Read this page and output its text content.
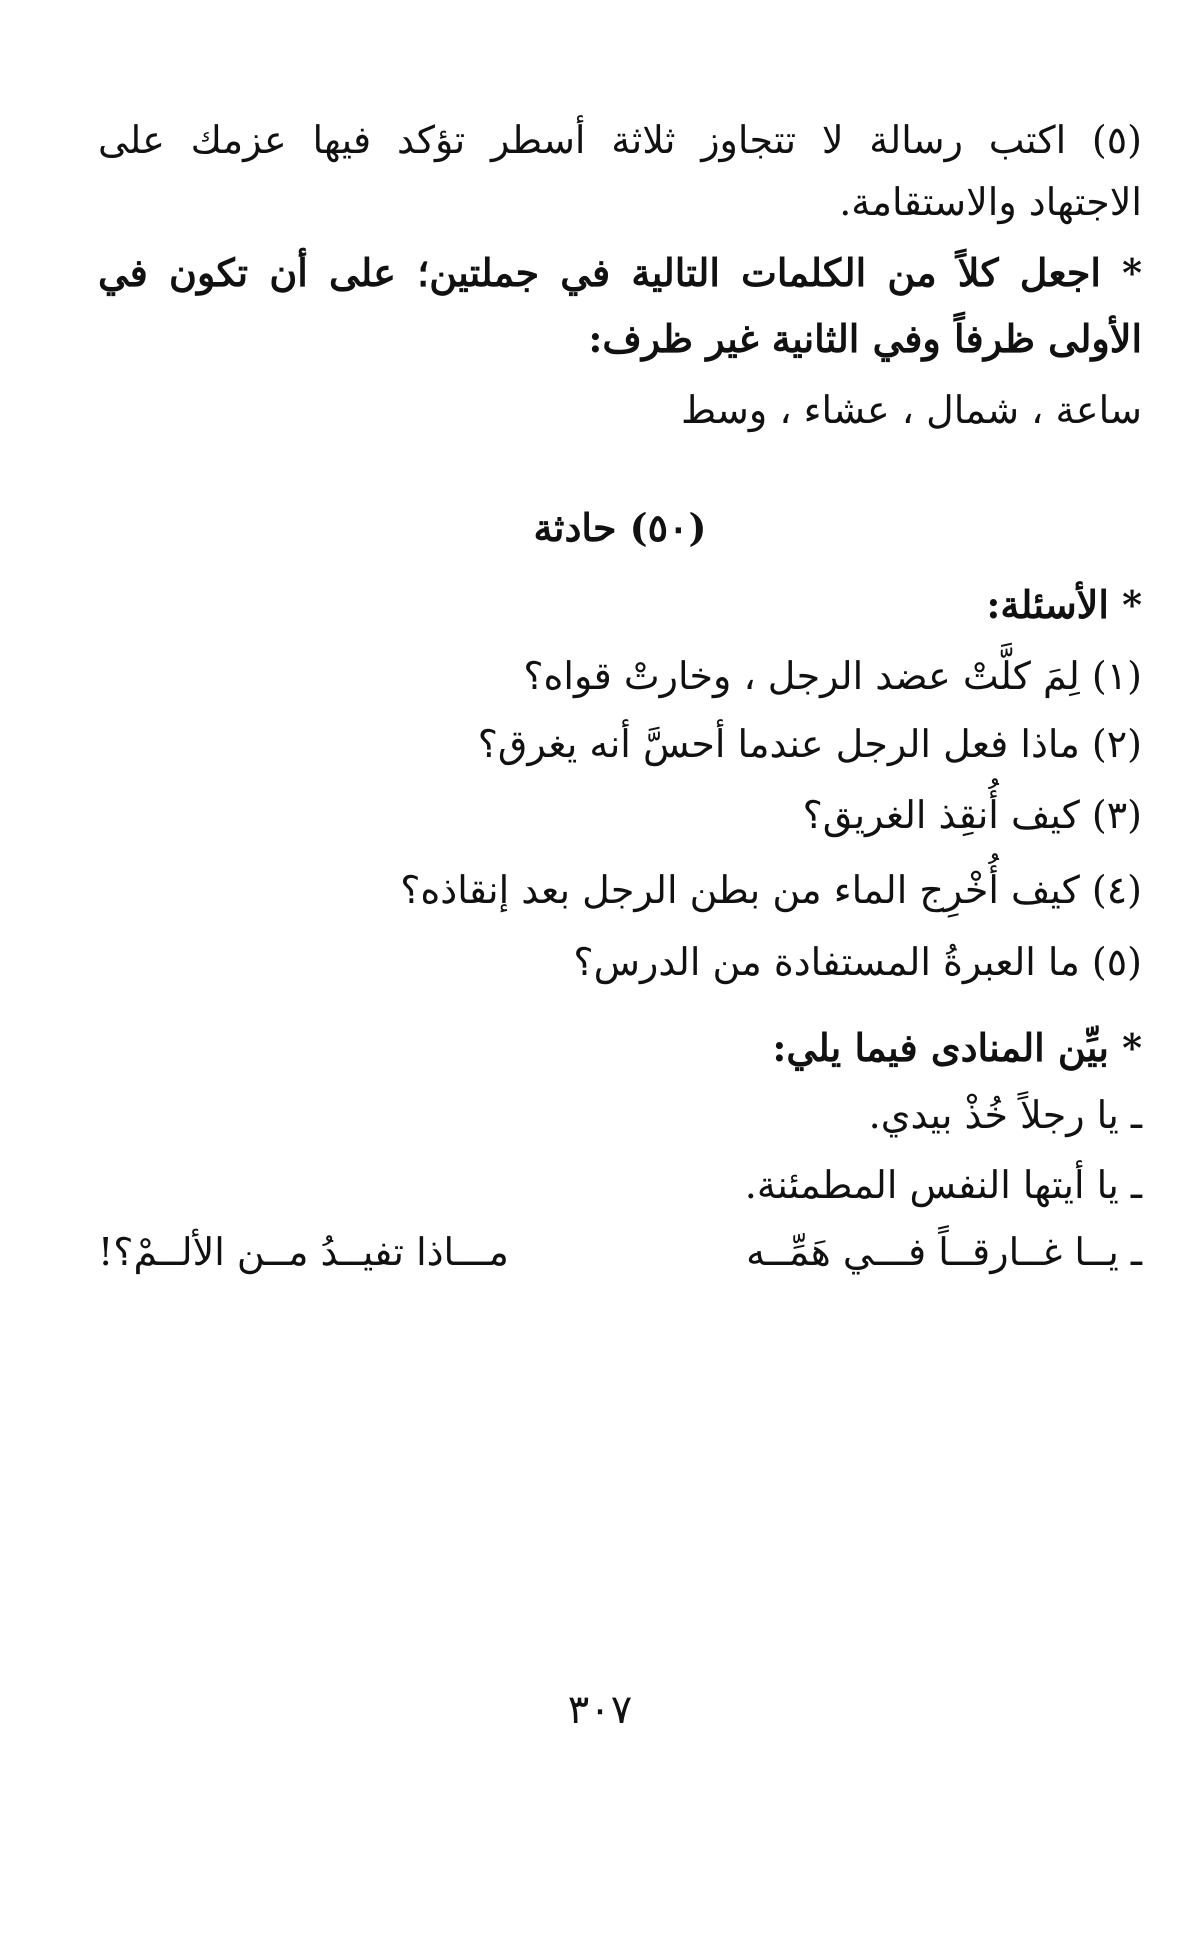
(٥) اكتب رسالة لا تتجاوز ثلاثة أسطر تؤكد فيها عزمك على
الاجتهاد والاستقامة.
* اجعل كلاً من الكلمات التالية في جملتين؛ على أن تكون في
الأولى ظرفاً وفي الثانية غير ظرف:
ساعة ، شمال ، عشاء ، وسط
(٥٠) حادثة
* الأسئلة:
(١) لِمَ كلَّتْ عضد الرجل ، وخارتْ قواه؟
(٢) ماذا فعل الرجل عندما أحسَّ أنه يغرق؟
(٣) كيف أُنقِذ الغريق؟
(٤) كيف أُخْرِج الماء من بطن الرجل بعد إنقاذه؟
(٥) ما العبرةُ المستفادة من الدرس؟
* بيِّن المنادى فيما يلي:
ـ يا رجلاً خُذْ بيدي.
ـ يا أيتها النفس المطمئنة.
ـ يــا غــارقــاً فـــي هَمِّــه
مـــاذا تفيــدُ مــن الألــمْ؟!
٣٠٧
